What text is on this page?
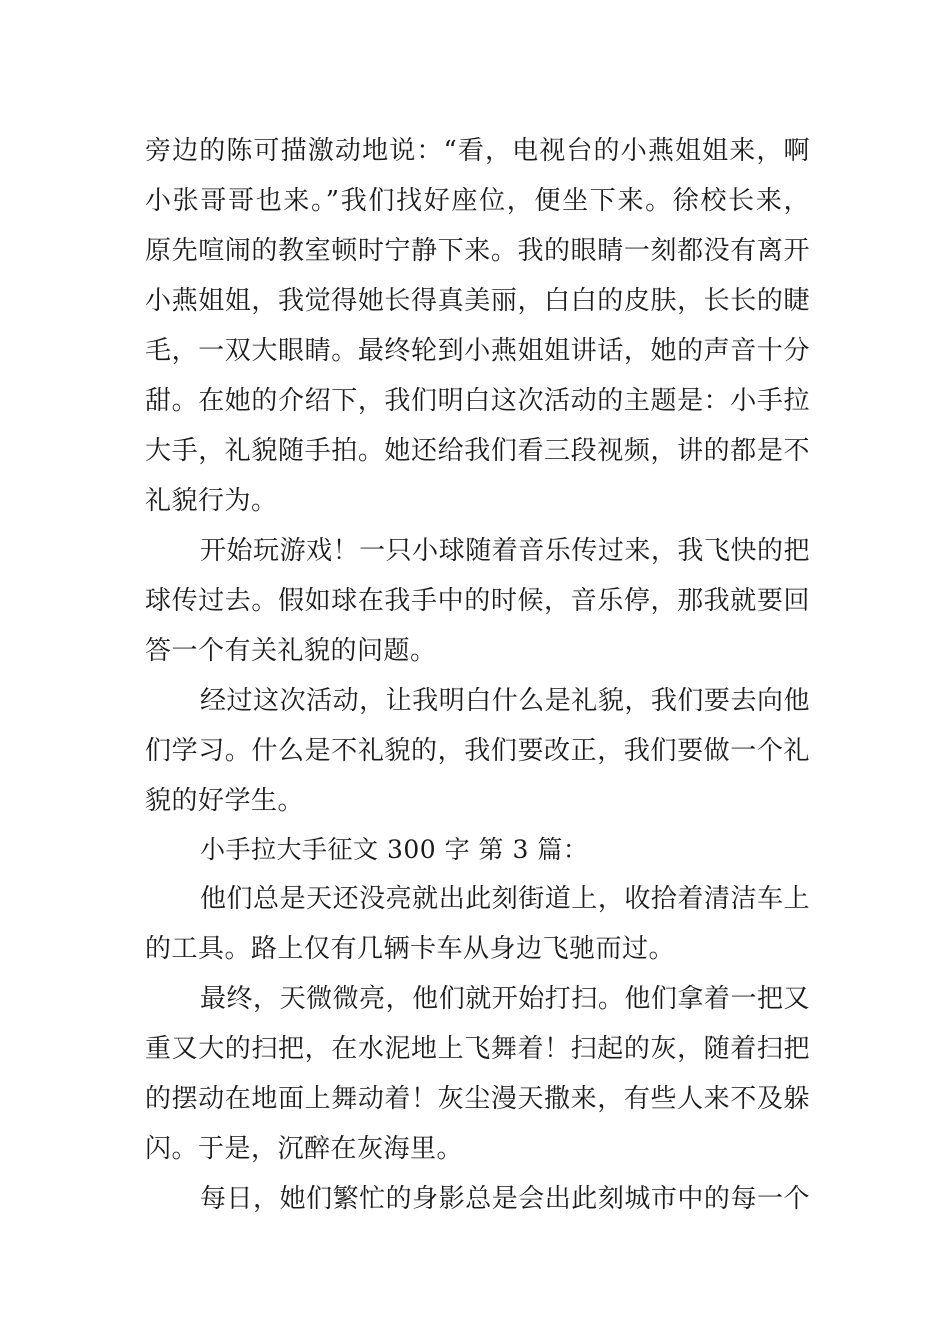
旁边的陈可描激动地说：“看，电视台的小燕姐姐来，啊
小张哥哥也来。”我们找好座位，便坐下来。徐校长来，
原先喧闹的教室顿时宁静下来。我的眼睛一刻都没有离开
小燕姐姐，我觉得她长得真美丽，白白的皮肤，长长的睫
毛，一双大眼睛。最终轮到小燕姐姐讲话，她的声音十分
甜。在她的介绍下，我们明白这次活动的主题是：小手拉
大手，礼貌随手拍。她还给我们看三段视频，讲的都是不
礼貌行为。
开始玩游戏！一只小球随着音乐传过来，我飞快的把
球传过去。假如球在我手中的时候，音乐停，那我就要回
答一个有关礼貌的问题。
经过这次活动，让我明白什么是礼貌，我们要去向他
们学习。什么是不礼貌的，我们要改正，我们要做一个礼
貌的好学生。
小手拉大手征文 300 字 第 3 篇：
他们总是天还没亮就出此刻街道上，收拾着清洁车上
的工具。路上仅有几辆卡车从身边飞驰而过。
最终，天微微亮，他们就开始打扫。他们拿着一把又
重又大的扫把，在水泥地上飞舞着！扫起的灰，随着扫把
的摆动在地面上舞动着！灰尘漫天撒来，有些人来不及躲
闪。于是，沉醉在灰海里。
每日，她们繁忙的身影总是会出此刻城市中的每一个
